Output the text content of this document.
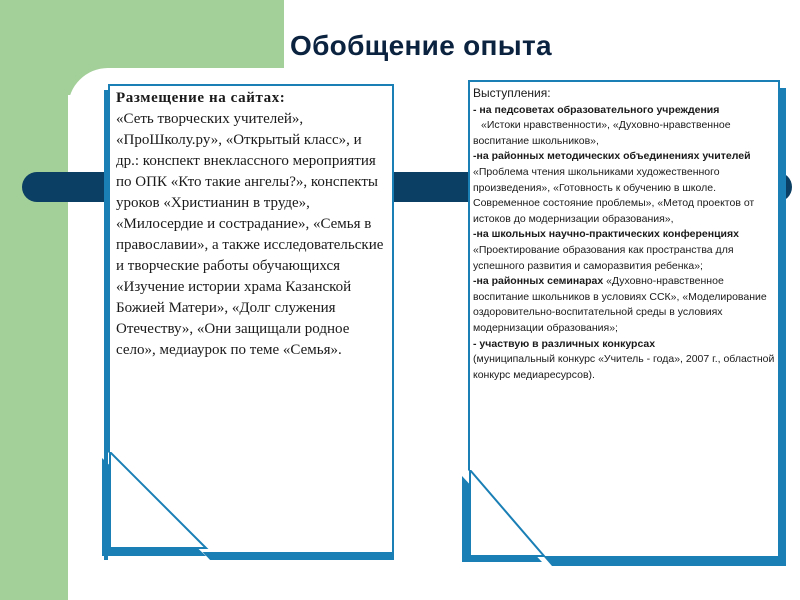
Обобщение опыта
Размещение на сайтах:
«Сеть творческих учителей», «ПроШколу.ру», «Открытый класс», и др.: конспект внеклассного мероприятия по ОПК «Кто такие ангелы?», конспекты уроков «Христианин в труде», «Милосердие и сострадание», «Семья в православии», а также исследовательские и творческие работы обучающихся «Изучение истории храма Казанской Божией Матери», «Долг служения Отечеству», «Они защищали родное село», медиаурок по теме «Семья».

Выступления:

- на педсоветах образовательного учреждения
«Истоки нравственности», «Духовно-нравственное воспитание школьников»,

-на районных методических объединениях учителей
«Проблема чтения школьниками художественного произведения», «Готовность к обучению в школе. Современное состояние проблемы», «Метод проектов от истоков до модернизации образования»,

-на школьных научно-практических конференциях «Проектирование образования как пространства для успешного развития и саморазвития ребенка»;

-на районных семинарах «Духовно-нравственное воспитание школьников в условиях ССК», «Моделирование оздоровительно-воспитательной среды в условиях модернизации образования»;

- участвую в различных конкурсах
(муниципальный конкурс «Учитель - года», 2007 г., областной конкурс медиаресурсов).
